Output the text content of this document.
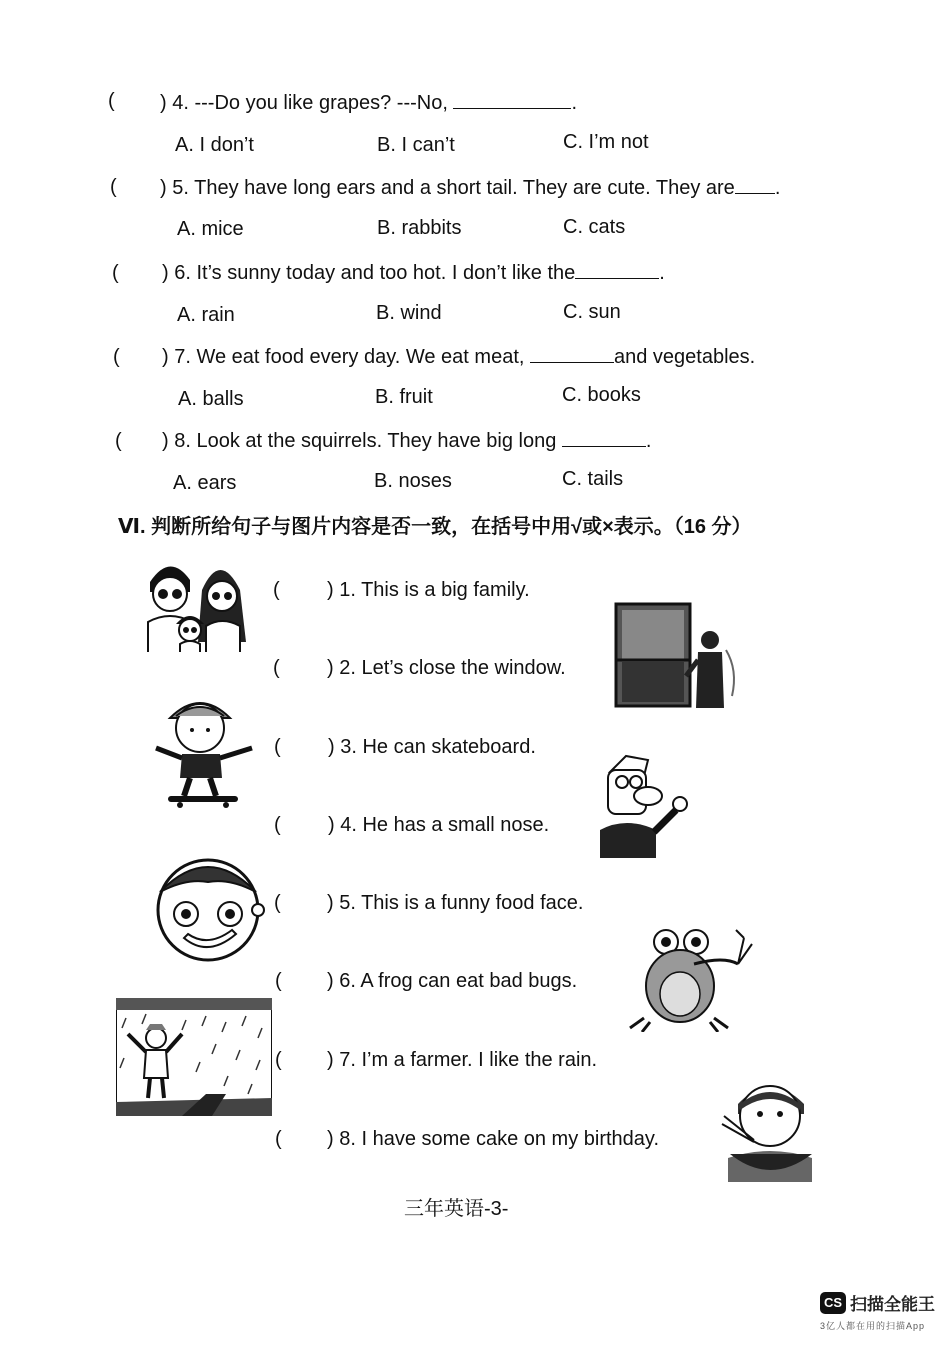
( ) 4. ---Do you like grapes? ---No,	.
A. I don’t	B. I can’t	C. I’m not
( ) 5. They have long ears and a short tail. They are cute. They are .
A. mice	B. rabbits	C. cats
( ) 6. It’s sunny today and too hot. I don’t like the	.
A. rain	B. wind	C. sun
( ) 7. We eat food every day. We eat meat,	and vegetables.
A. balls	B. fruit	C. books
( ) 8. Look at the squirrels. They have big long	.
A. ears	B. noses	C. tails
Ⅵ. 判断所给句子与图片内容是否一致，在括号中用√或×表示。（16 分）
( ) 1. This is a big family.
( ) 2. Let’s close the window.
( ) 3. He can skateboard.
( ) 4. He has a small nose.
( ) 5. This is a funny food face.
( ) 6. A frog can eat bad bugs.
( ) 7. I’m a farmer. I like the rain.
( ) 8. I have some cake on my birthday.
三年英语-3-
CS 扫描全能王
3亿人都在用的扫描App
